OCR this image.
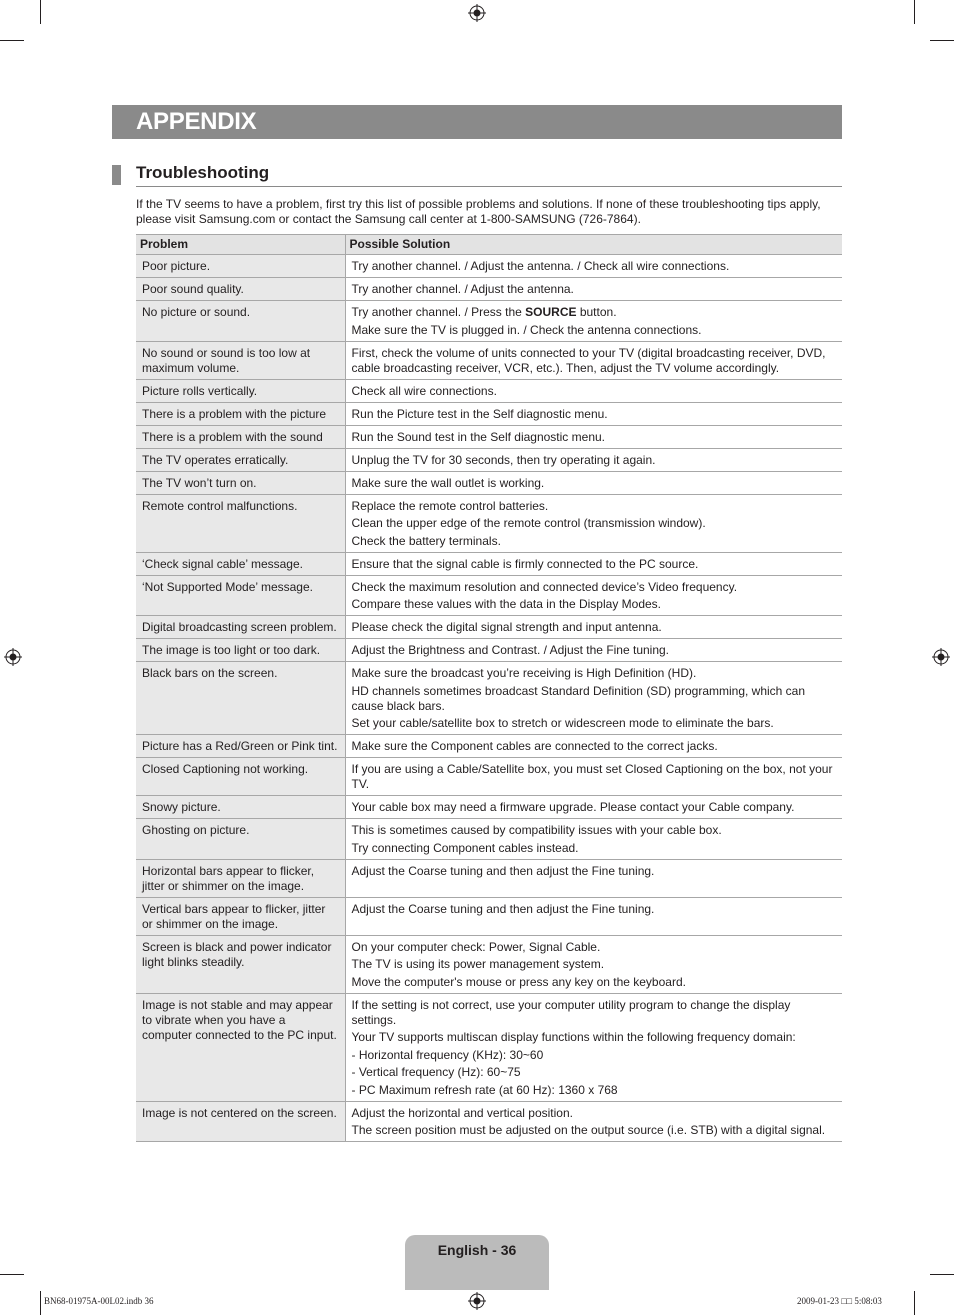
APPENDIX
Troubleshooting

If the TV seems to have a problem, first try this list of possible problems and solutions. If none of these troubleshooting tips apply, please visit Samsung.com or contact the Samsung call center at 1-800-SAMSUNG (726-7864).

Problem	Possible Solution
Poor picture.	Try another channel. / Adjust the antenna. / Check all wire connections.

Poor sound quality.	Try another channel. / Adjust the antenna.

No picture or sound.	Try another channel. / Press the SOURCE button.
Make sure the TV is plugged in. / Check the antenna connections.

No sound or sound is too low at maximum volume.	First, check the volume of units connected to your TV (digital broadcasting receiver, DVD, cable broadcasting receiver, VCR, etc.). Then, adjust the TV volume accordingly.

Picture rolls vertically.	Check all wire connections.

There is a problem with the picture	Run the Picture test in the Self diagnostic menu.

There is a problem with the sound	Run the Sound test in the Self diagnostic menu.

The TV operates erratically.	Unplug the TV for 30 seconds, then try operating it again.

The TV won’t turn on.	Make sure the wall outlet is working.

Remote control malfunctions.	Replace the remote control batteries.
Clean the upper edge of the remote control (transmission window).
Check the battery terminals.

‘Check signal cable’ message.	Ensure that the signal cable is firmly connected to the PC source.

‘Not Supported Mode’ message.	Check the maximum resolution and connected device’s Video frequency.
Compare these values with the data in the Display Modes.

Digital broadcasting screen problem.	Please check the digital signal strength and input antenna.

The image is too light or too dark.	Adjust the Brightness and Contrast. / Adjust the Fine tuning.

Black bars on the screen.	Make sure the broadcast you’re receiving is High Definition (HD).
HD channels sometimes broadcast Standard Definition (SD) programming, which can cause black bars.
Set your cable/satellite box to stretch or widescreen mode to eliminate the bars.

Picture has a Red/Green or Pink tint.	Make sure the Component cables are connected to the correct jacks.

Closed Captioning not working.	If you are using a Cable/Satellite box, you must set Closed Captioning on the box, not your TV.

Snowy picture.	Your cable box may need a firmware upgrade. Please contact your Cable company.

Ghosting on picture.	This is sometimes caused by compatibility issues with your cable box.
Try connecting Component cables instead.

Horizontal bars appear to flicker, jitter or shimmer on the image.	Adjust the Coarse tuning and then adjust the Fine tuning.

Vertical bars appear to flicker, jitter or shimmer on the image.	Adjust the Coarse tuning and then adjust the Fine tuning.

Screen is black and power indicator light blinks steadily.	On your computer check: Power, Signal Cable.
The TV is using its power management system.
Move the computer's mouse or press any key on the keyboard.

Image is not stable and may appear to vibrate when you have a computer connected to the PC input.	If the setting is not correct, use your computer utility program to change the display settings.
Your TV supports multiscan display functions within the following frequency domain:
- Horizontal frequency (KHz): 30~60
- Vertical frequency (Hz): 60~75
- PC Maximum refresh rate (at 60 Hz): 1360 x 768

Image is not centered on the screen.	Adjust the horizontal and vertical position.
The screen position must be adjusted on the output source (i.e. STB) with a digital signal.
English - 36
BN68-01975A-00L02.indb 36	2009-01-23 □□ 5:08:03
